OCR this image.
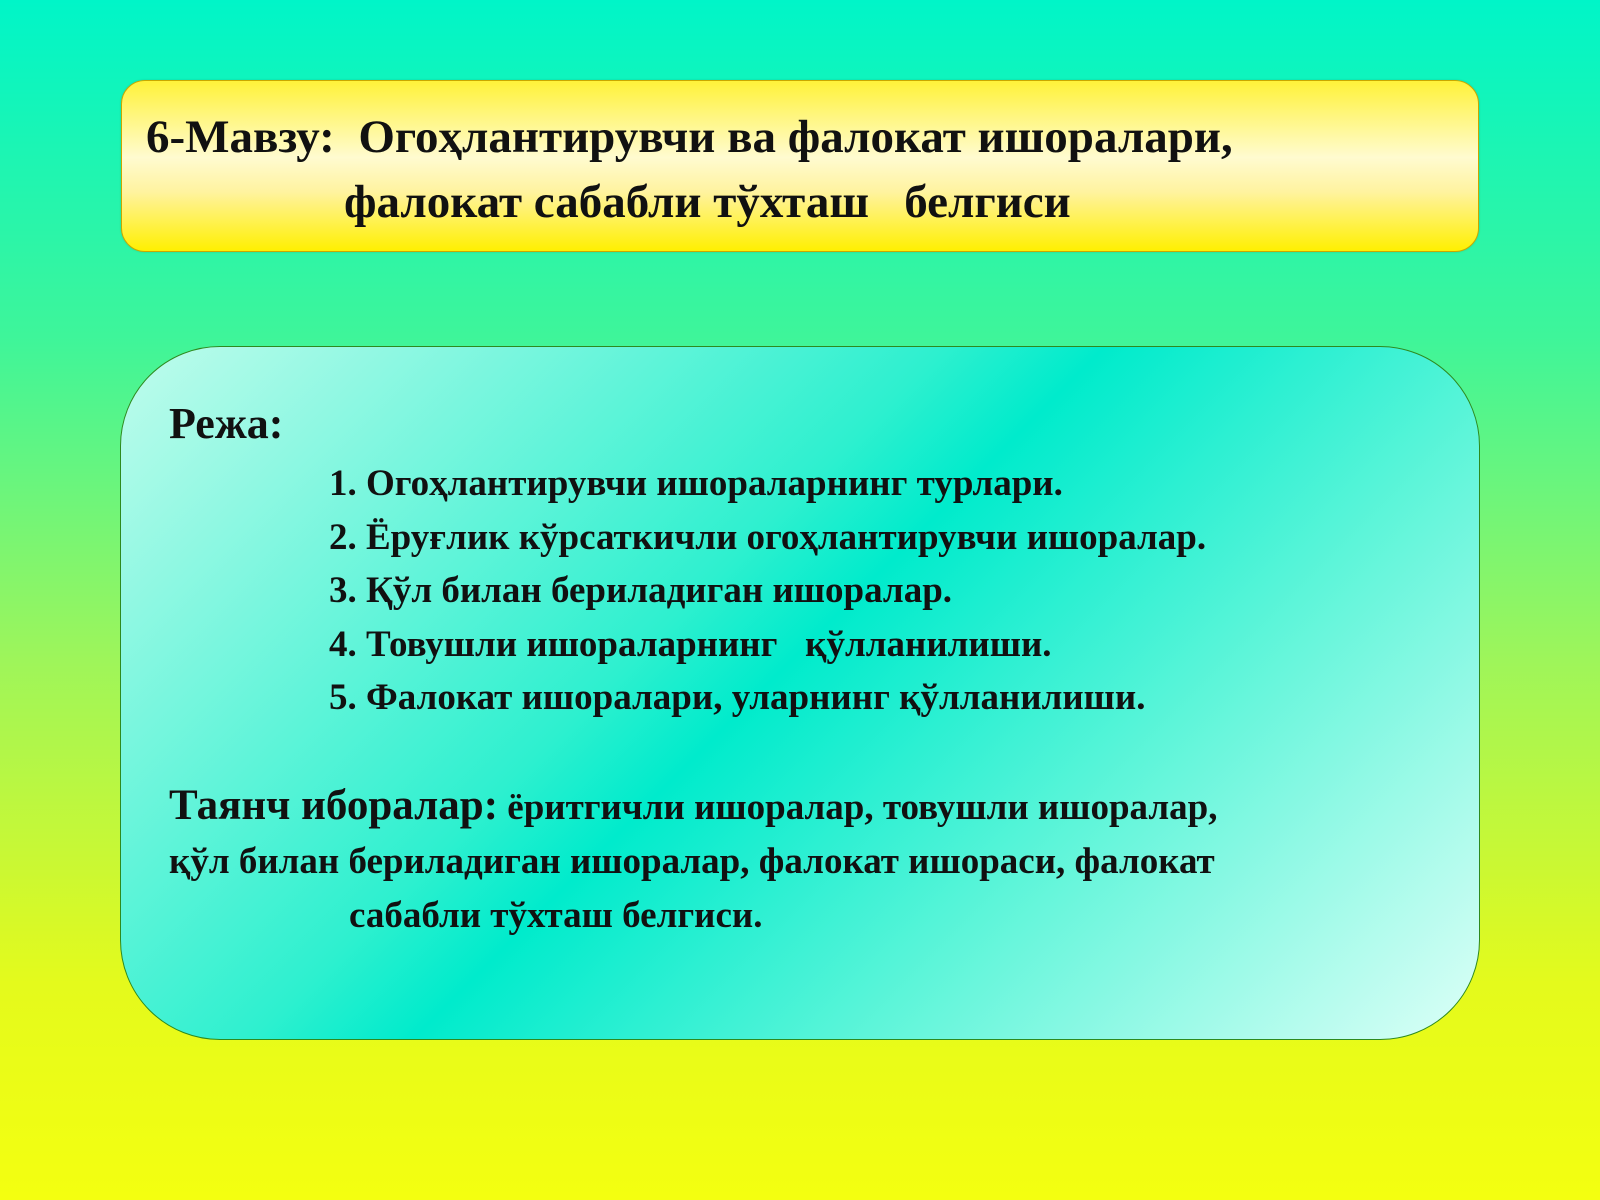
6-Мавзу:  Огоҳлантирувчи ва фалокат ишоралари,

фалокат сабабли тўхташ   белгиси

Режа:

1. Огоҳлантирувчи ишораларнинг турлари.
2. Ёруғлик кўрсаткичли огоҳлантирувчи ишоралар.
3. Қўл билан бериладиган ишоралар.
4. Товушли ишораларнинг   қўлланилиши.
5. Фалокат ишоралари, уларнинг қўлланилиши.
Таянч иборалар: ёритгичли ишоралар, товушли ишоралар,
қўл билан бериладиган ишоралар, фалокат ишораси, фалокат
сабабли тўхташ белгиси.
